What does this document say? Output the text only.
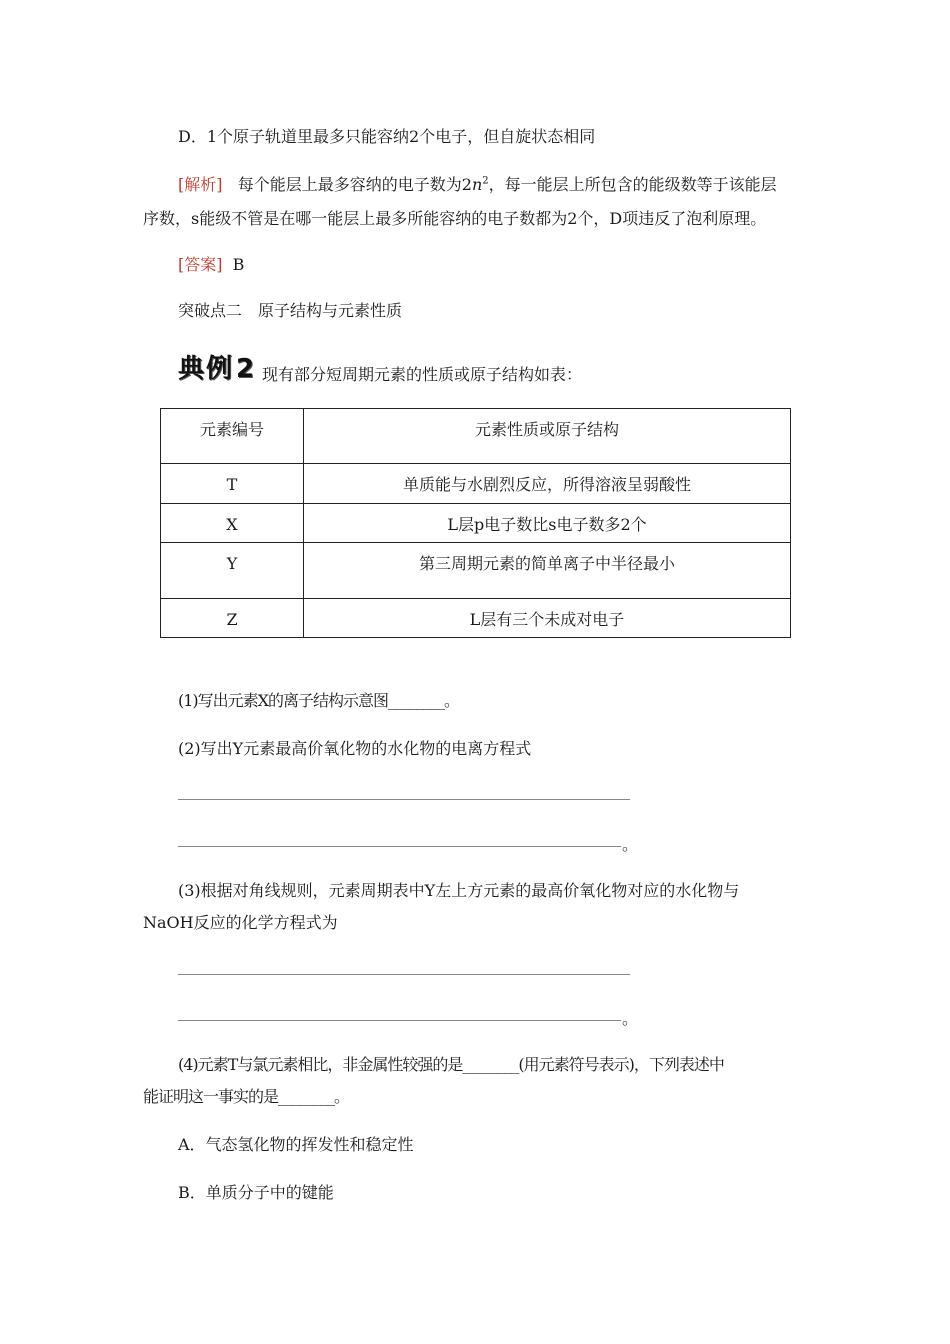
D．1个原子轨道里最多只能容纳2个电子，但自旋状态相同
[解析] 每个能层上最多容纳的电子数为$2n^2$，每一能层上所包含的能级数等于该能层
序数，s能级不管是在哪一能层上最多所能容纳的电子数都为2个，D项违反了泡利原理。
[答案] B
突破点二　原子结构与元素性质
典例2 现有部分短周期元素的性质或原子结构如表：
元素编号	元素性质或原子结构
T	单质能与水剧烈反应，所得溶液呈弱酸性
X	L层p电子数比s电子数多2个
Y	第三周期元素的简单离子中半径最小
Z	L层有三个未成对电子
(1)写出元素X的离子结构示意图________。
(2)写出Y元素最高价氧化物的水化物的电离方程式
。
(3)根据对角线规则，元素周期表中Y左上方元素的最高价氧化物对应的水化物与
NaOH反应的化学方程式为
。
(4)元素T与氯元素相比，非金属性较强的是________(用元素符号表示)，下列表述中
能证明这一事实的是________。
A．气态氢化物的挥发性和稳定性
B．单质分子中的键能
